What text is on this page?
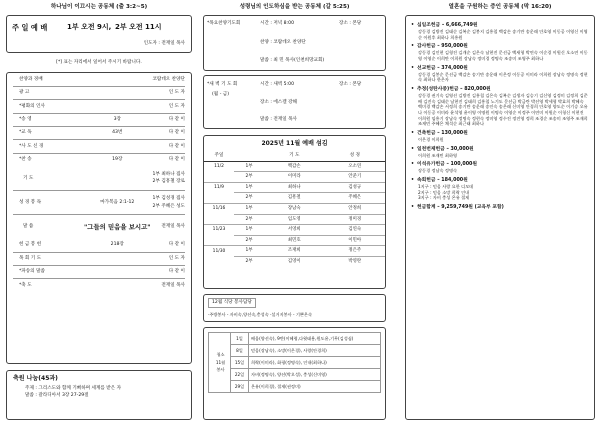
하나님이 이끄시는 공동체 (출 3:2~5)
주 일 예 배	1부 오전 9시, 2부 오전 11시
인도자 : 전재일 목사
[*] 표는 자리에서 일어서 주시기 바랍니다.
찬양과 경배		코람데오 찬양단
광 고		인 도 자
*평화의 인사		인 도 자
*송 영	3장	다 같 이
*교 독	43번	다 같 이
*사 도 신 경		다 같 이
*찬 송	19장	다 같 이
기 도		1부 최하나 집사
2부 김흥철 장로

성 경 봉 독	마가복음 2:1-12	1부 김성경 집사
2부 주혜은 성도

말 씀	"그들의 믿음을 보시고"	전재일 목사
헌 금 봉 헌	218장	다 같 이
목 회 기 도		인 도 자
*파송의 말씀		다 같 이
*축 도		전재일 목사
축원 나눔(45과)
주제 : 그리스도와 함께 기뻐하며 세계를 받은 자
말씀 : 갈라디아서 3장 27-29절
성령님의 인도하심을 받는 공동체 (갈 5:25)
*목요찬양기도회	시간 : 저녁 8:00	장소 : 본당
찬양 : 코람데오 찬양단
말씀 : 최 민 목사(인천희망교회)
*새 벽 기 도 회
(월 - 금)
시간 : 새벽 5:00	장소 : 본당
장소 : 에스겔 강해
말씀 : 전재일 목사
2025년 11월 예배 섬김
주일		기 도	성 경
11/2	1부	백감손	오소연
	2부	이미라	안준기
11/9	1부	최하나	김성규
	2부	김흥철	주혜은
11/16	1부	장남숙	안정희
	2부	임도영	정미경
11/23	1부	서영희	김연숙
	2부	최민호	이민아
11/30	1부	조재희	정은주
	2부	김영이	박영란
12월 식당 봉사담당
·주방봉사 - 자비속,양선속,충성속 ·설거지봉사 - 기쁜온속
청소
11월
봉사	1일	배움(양선속), 9반(이혜령,다윗태용,원도윤,기무(김성심)
	8일	믿음(장남숙), 소망(이은경), 사랑(안경희)
	15일	희락(이미라), 화평(정명숙), 인내(최하나)
	22일	자비(정명숙), 양선(박오성), 충성(신미영)
	29일	온유(이희경), 절제(권정미)
열혼을 구원하는 증인 공동체 (막 16:20)
• 십일조헌금 – 6,666,749원
강동경 김방진 김태순 김복순 김봉지 김흥철 백감손 송기만 송운래 안호영 이동공 이영신 이영순 이원후 최하나 희흥원
• 감사헌금 – 950,000원
강동경 김인현 김형진 김개순 김은숙 남현진 문선금 백새형 박연숙 이순경 이원신 오소연 이동영 이영순 이희만 이희원 장남숙 정미경 정명숙 조송미 조영주 최하나
• 선교헌금 – 374,000원
강동경 김봉순 문선금 백감손 송기만 송운래 이은정 이동공 이미라 이희원 장남숙 정명숙 정현숙 최하나 한은자
• 추정(성탄사중)헌금 – 820,000원
강동경 권기숙 김영선 김방진 김흥철 김은숙 김복순 김생자 김승기 김신영 김정미 김정희 김준배 김진숙 김태순 남현진 김태희 김흥철 노기도 문선금 박금란 박선영 박세형 박효희 박혜숙 백미경 백감손 서정희 송기만 송운래 송인숙 송은래 신미영 안경희 안호영 양도순 이기승 오유나 이동공 이미라 윤석영 윤이영 이명원 이명숙 이영순 이정주 이연미 이원순 이청신 이현진 이희원 임흥기 장남숙 정명숙 정현숙 정미영 정수진 정진영 정희 조경순 조송미 조영주 조재희 조재민 주혜은 채석순 최근태 최하나
• 건축헌금 – 130,000원
이은경 이희원
• 일천번제헌금 – 30,000원
이희원 조재민 최하영
• 이석유가헌금 – 100,000원
장동경 정남숙 정명숙
• 속회헌금 – 184,000원
1지구 : 믿음 사랑 요한 디모데
2지구 : 믿음 소망 희락 인내
3지구 : 자비 충성 온유 절제
• 헌금합계 – 9,259,749원 (교육부 포함)
